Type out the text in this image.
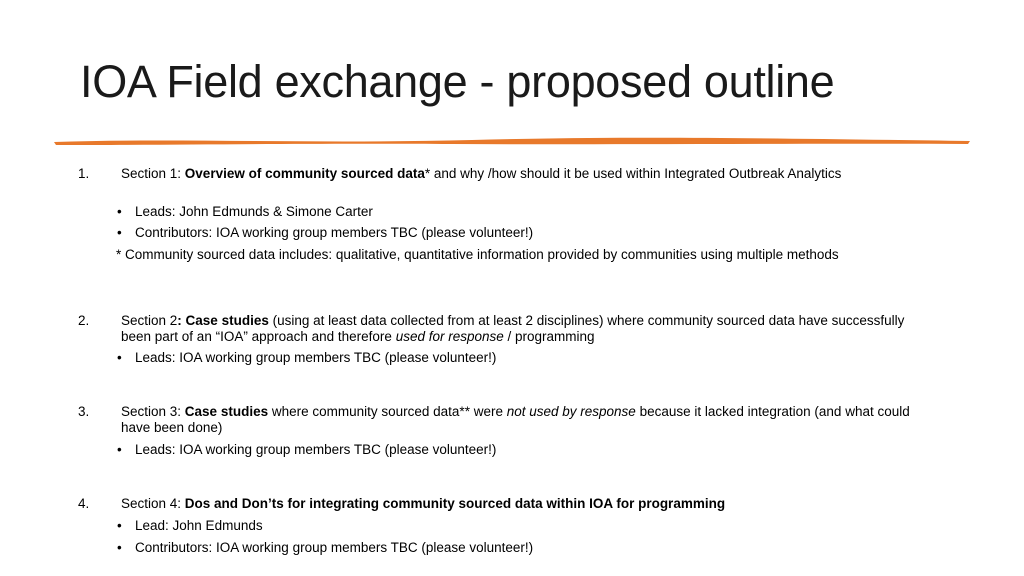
IOA Field exchange - proposed outline
1.	Section 1: Overview of community sourced data* and why /how should it be used within Integrated Outbreak Analytics
• Leads: John Edmunds & Simone Carter
• Contributors: IOA working group members TBC (please volunteer!)
* Community sourced data includes: qualitative, quantitative information provided by communities using multiple methods
2.	Section 2: Case studies (using at least data collected from at least 2 disciplines) where community sourced data have successfully been part of an “IOA” approach and therefore used for response / programming
• Leads: IOA working group members TBC (please volunteer!)
3.	Section 3: Case studies where community sourced data** were not used by response because it lacked integration (and what could have been done)
• Leads: IOA working group members TBC (please volunteer!)
4.	Section 4: Dos and Don’ts for integrating community sourced data within IOA for programming
• Lead: John Edmunds
• Contributors: IOA working group members TBC (please volunteer!)
